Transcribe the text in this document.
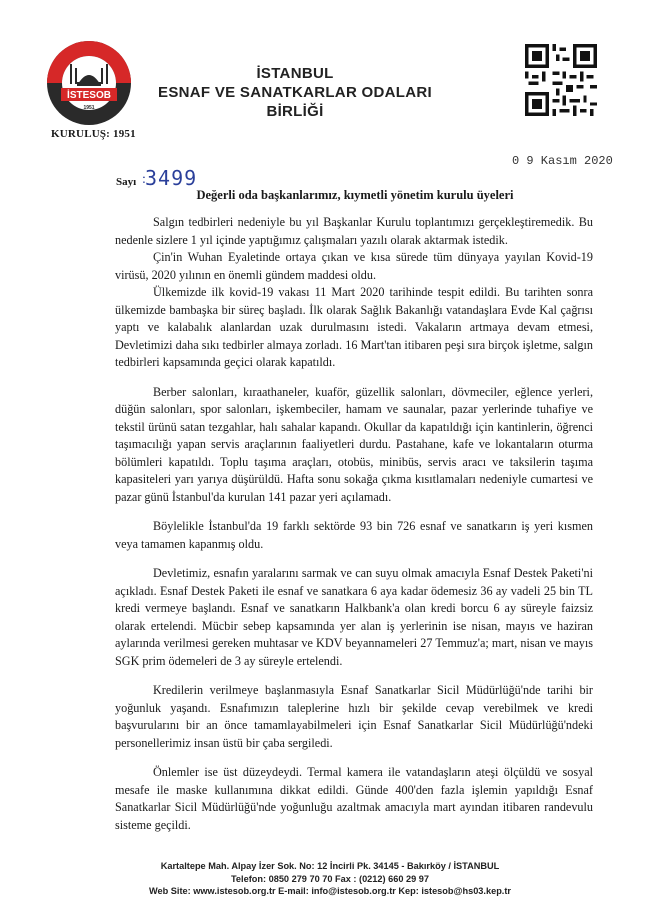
İSTESOB
1951
KURULUŞ: 1951
İSTANBUL
ESNAF VE SANATKARLAR ODALARI BİRLİĞİ
0 9 Kasım 2020
Sayı : 3499
Değerli oda başkanlarımız, kıymetli yönetim kurulu üyeleri

Salgın tedbirleri nedeniyle bu yıl Başkanlar Kurulu toplantımızı gerçekleştiremedik. Bu nedenle sizlere 1 yıl içinde yaptığımız çalışmaları yazılı olarak aktarmak istedik.

Çin'in Wuhan Eyaletinde ortaya çıkan ve kısa sürede tüm dünyaya yayılan Kovid-19 virüsü, 2020 yılının en önemli gündem maddesi oldu.

Ülkemizde ilk kovid-19 vakası 11 Mart 2020 tarihinde tespit edildi. Bu tarihten sonra ülkemizde bambaşka bir süreç başladı. İlk olarak Sağlık Bakanlığı vatandaşlara Evde Kal çağrısı yaptı ve kalabalık alanlardan uzak durulmasını istedi. Vakaların artmaya devam etmesi, Devletimizi daha sıkı tedbirler almaya zorladı. 16 Mart'tan itibaren peşi sıra birçok işletme, salgın tedbirleri kapsamında geçici olarak kapatıldı.

Berber salonları, kıraathaneler, kuaför, güzellik salonları, dövmeciler, eğlence yerleri, düğün salonları, spor salonları, işkembeciler, hamam ve saunalar, pazar yerlerinde tuhafiye ve tekstil ürünü satan tezgahlar, halı sahalar kapandı. Okullar da kapatıldığı için kantinlerin, öğrenci taşımacılığı yapan servis araçlarının faaliyetleri durdu. Pastahane, kafe ve lokantaların oturma bölümleri kapatıldı. Toplu taşıma araçları, otobüs, minibüs, servis aracı ve taksilerin taşıma kapasiteleri yarı yarıya düşürüldü. Hafta sonu sokağa çıkma kısıtlamaları nedeniyle cumartesi ve pazar günü İstanbul'da kurulan 141 pazar yeri açılamadı.

Böylelikle İstanbul'da 19 farklı sektörde 93 bin 726 esnaf ve sanatkarın iş yeri kısmen veya tamamen kapanmış oldu.

Devletimiz, esnafın yaralarını sarmak ve can suyu olmak amacıyla Esnaf Destek Paketi'ni açıkladı. Esnaf Destek Paketi ile esnaf ve sanatkara 6 aya kadar ödemesiz 36 ay vadeli 25 bin TL kredi vermeye başlandı. Esnaf ve sanatkarın Halkbank'a olan kredi borcu 6 ay süreyle faizsiz olarak ertelendi. Mücbir sebep kapsamında yer alan iş yerlerinin ise nisan, mayıs ve haziran aylarında verilmesi gereken muhtasar ve KDV beyannameleri 27 Temmuz'a; mart, nisan ve mayıs SGK prim ödemeleri de 3 ay süreyle ertelendi.

Kredilerin verilmeye başlanmasıyla Esnaf Sanatkarlar Sicil Müdürlüğü'nde tarihi bir yoğunluk yaşandı. Esnafımızın taleplerine hızlı bir şekilde cevap verebilmek ve kredi başvurularını bir an önce tamamlayabilmeleri için Esnaf Sanatkarlar Sicil Müdürlüğü'ndeki personellerimiz insan üstü bir çaba sergiledi.

Önlemler ise üst düzeydeydi. Termal kamera ile vatandaşların ateşi ölçüldü ve sosyal mesafe ile maske kullanımına dikkat edildi. Günde 400'den fazla işlemin yapıldığı Esnaf Sanatkarlar Sicil Müdürlüğü'nde yoğunluğu azaltmak amacıyla mart ayından itibaren randevulu sisteme geçildi.

Kartaltepe Mah. Alpay İzer Sok. No: 12 İncirli Pk. 34145 - Bakırköy / İSTANBUL
Telefon: 0850 279 70 70 Fax : (0212) 660 29 97
Web Site: www.istesob.org.tr E-mail: info@istesob.org.tr Kep: istesob@hs03.kep.tr
